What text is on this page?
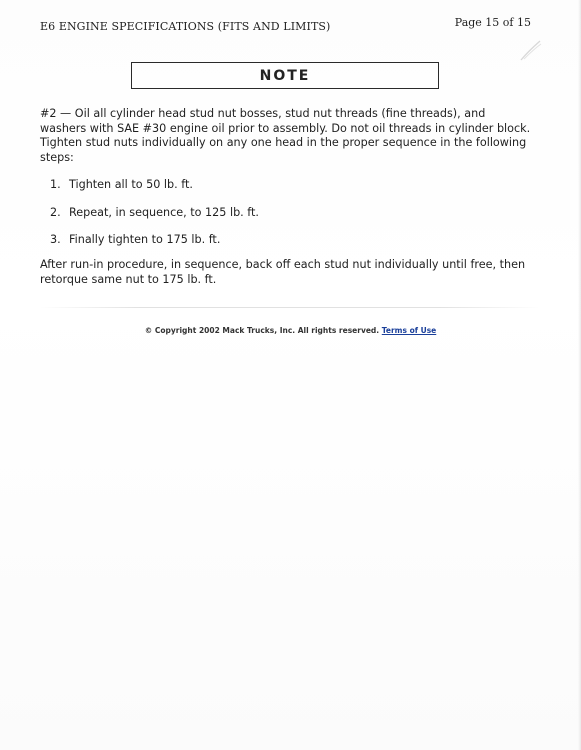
E6 ENGINE SPECIFICATIONS (FITS AND LIMITS)	Page 15 of 15
NOTE
#2 — Oil all cylinder head stud nut bosses, stud nut threads (fine threads), and washers with SAE #30 engine oil prior to assembly. Do not oil threads in cylinder block. Tighten stud nuts individually on any one head in the proper sequence in the following steps:
1. Tighten all to 50 lb. ft.
2. Repeat, in sequence, to 125 lb. ft.
3. Finally tighten to 175 lb. ft.
After run-in procedure, in sequence, back off each stud nut individually until free, then retorque same nut to 175 lb. ft.
© Copyright 2002 Mack Trucks, Inc. All rights reserved. Terms of Use
